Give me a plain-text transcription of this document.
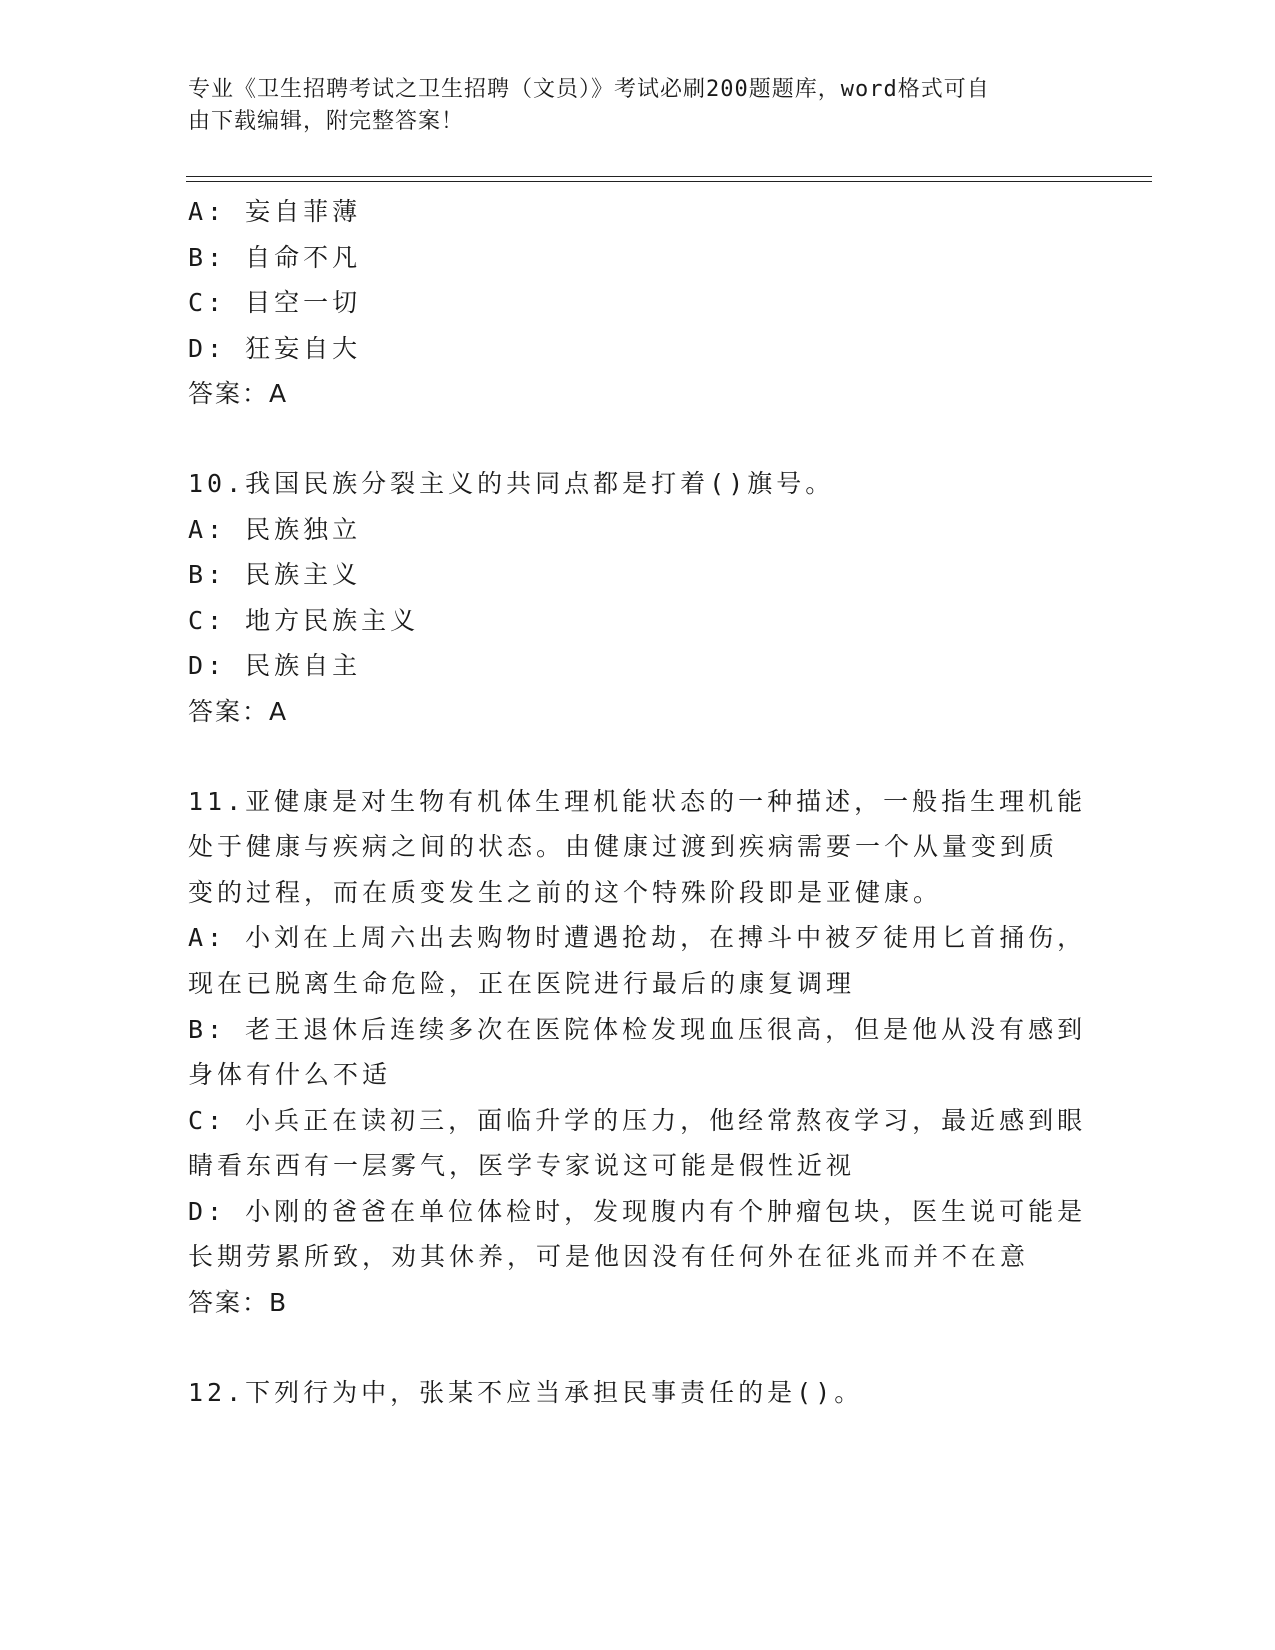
专业《卫生招聘考试之卫生招聘（文员）》考试必刷200题题库，word格式可自
由下载编辑，附完整答案！
A: 妄自菲薄
B: 自命不凡
C: 目空一切
D: 狂妄自大
答案：A
10.我国民族分裂主义的共同点都是打着()旗号。
A: 民族独立
B: 民族主义
C: 地方民族主义
D: 民族自主
答案：A
11.亚健康是对生物有机体生理机能状态的一种描述，一般指生理机能
处于健康与疾病之间的状态。由健康过渡到疾病需要一个从量变到质
变的过程，而在质变发生之前的这个特殊阶段即是亚健康。
A: 小刘在上周六出去购物时遭遇抢劫，在搏斗中被歹徒用匕首捅伤，
现在已脱离生命危险，正在医院进行最后的康复调理
B: 老王退休后连续多次在医院体检发现血压很高，但是他从没有感到
身体有什么不适
C: 小兵正在读初三，面临升学的压力，他经常熬夜学习，最近感到眼
睛看东西有一层雾气，医学专家说这可能是假性近视
D: 小刚的爸爸在单位体检时，发现腹内有个肿瘤包块，医生说可能是
长期劳累所致，劝其休养，可是他因没有任何外在征兆而并不在意
答案：B
12.下列行为中，张某不应当承担民事责任的是()。
